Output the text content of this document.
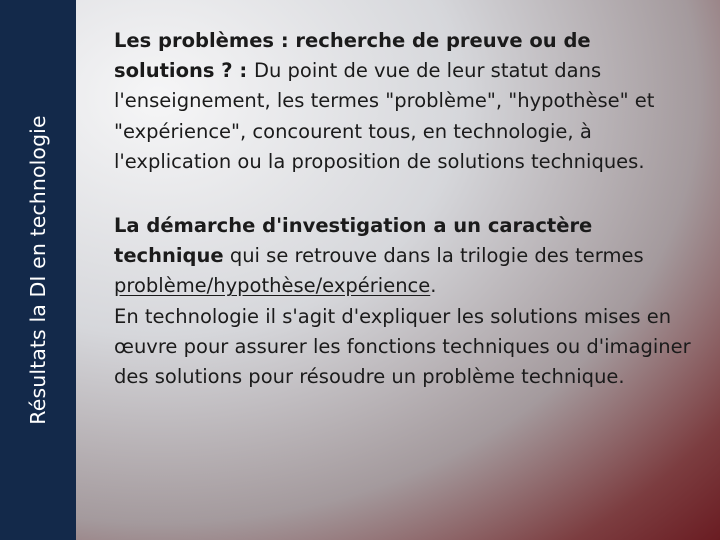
Résultats la DI en technologie

Les problèmes : recherche de preuve ou de solutions ? : Du point de vue de leur statut dans l'enseignement, les termes "problème", "hypothèse" et "expérience", concourent tous, en technologie, à l'explication ou la proposition de solutions techniques.

La démarche d'investigation a un caractère technique qui se retrouve dans la trilogie des termes problème/hypothèse/expérience.
En technologie il s'agit d'expliquer les solutions mises en œuvre pour assurer les fonctions techniques ou d'imaginer des solutions pour résoudre un problème technique.
